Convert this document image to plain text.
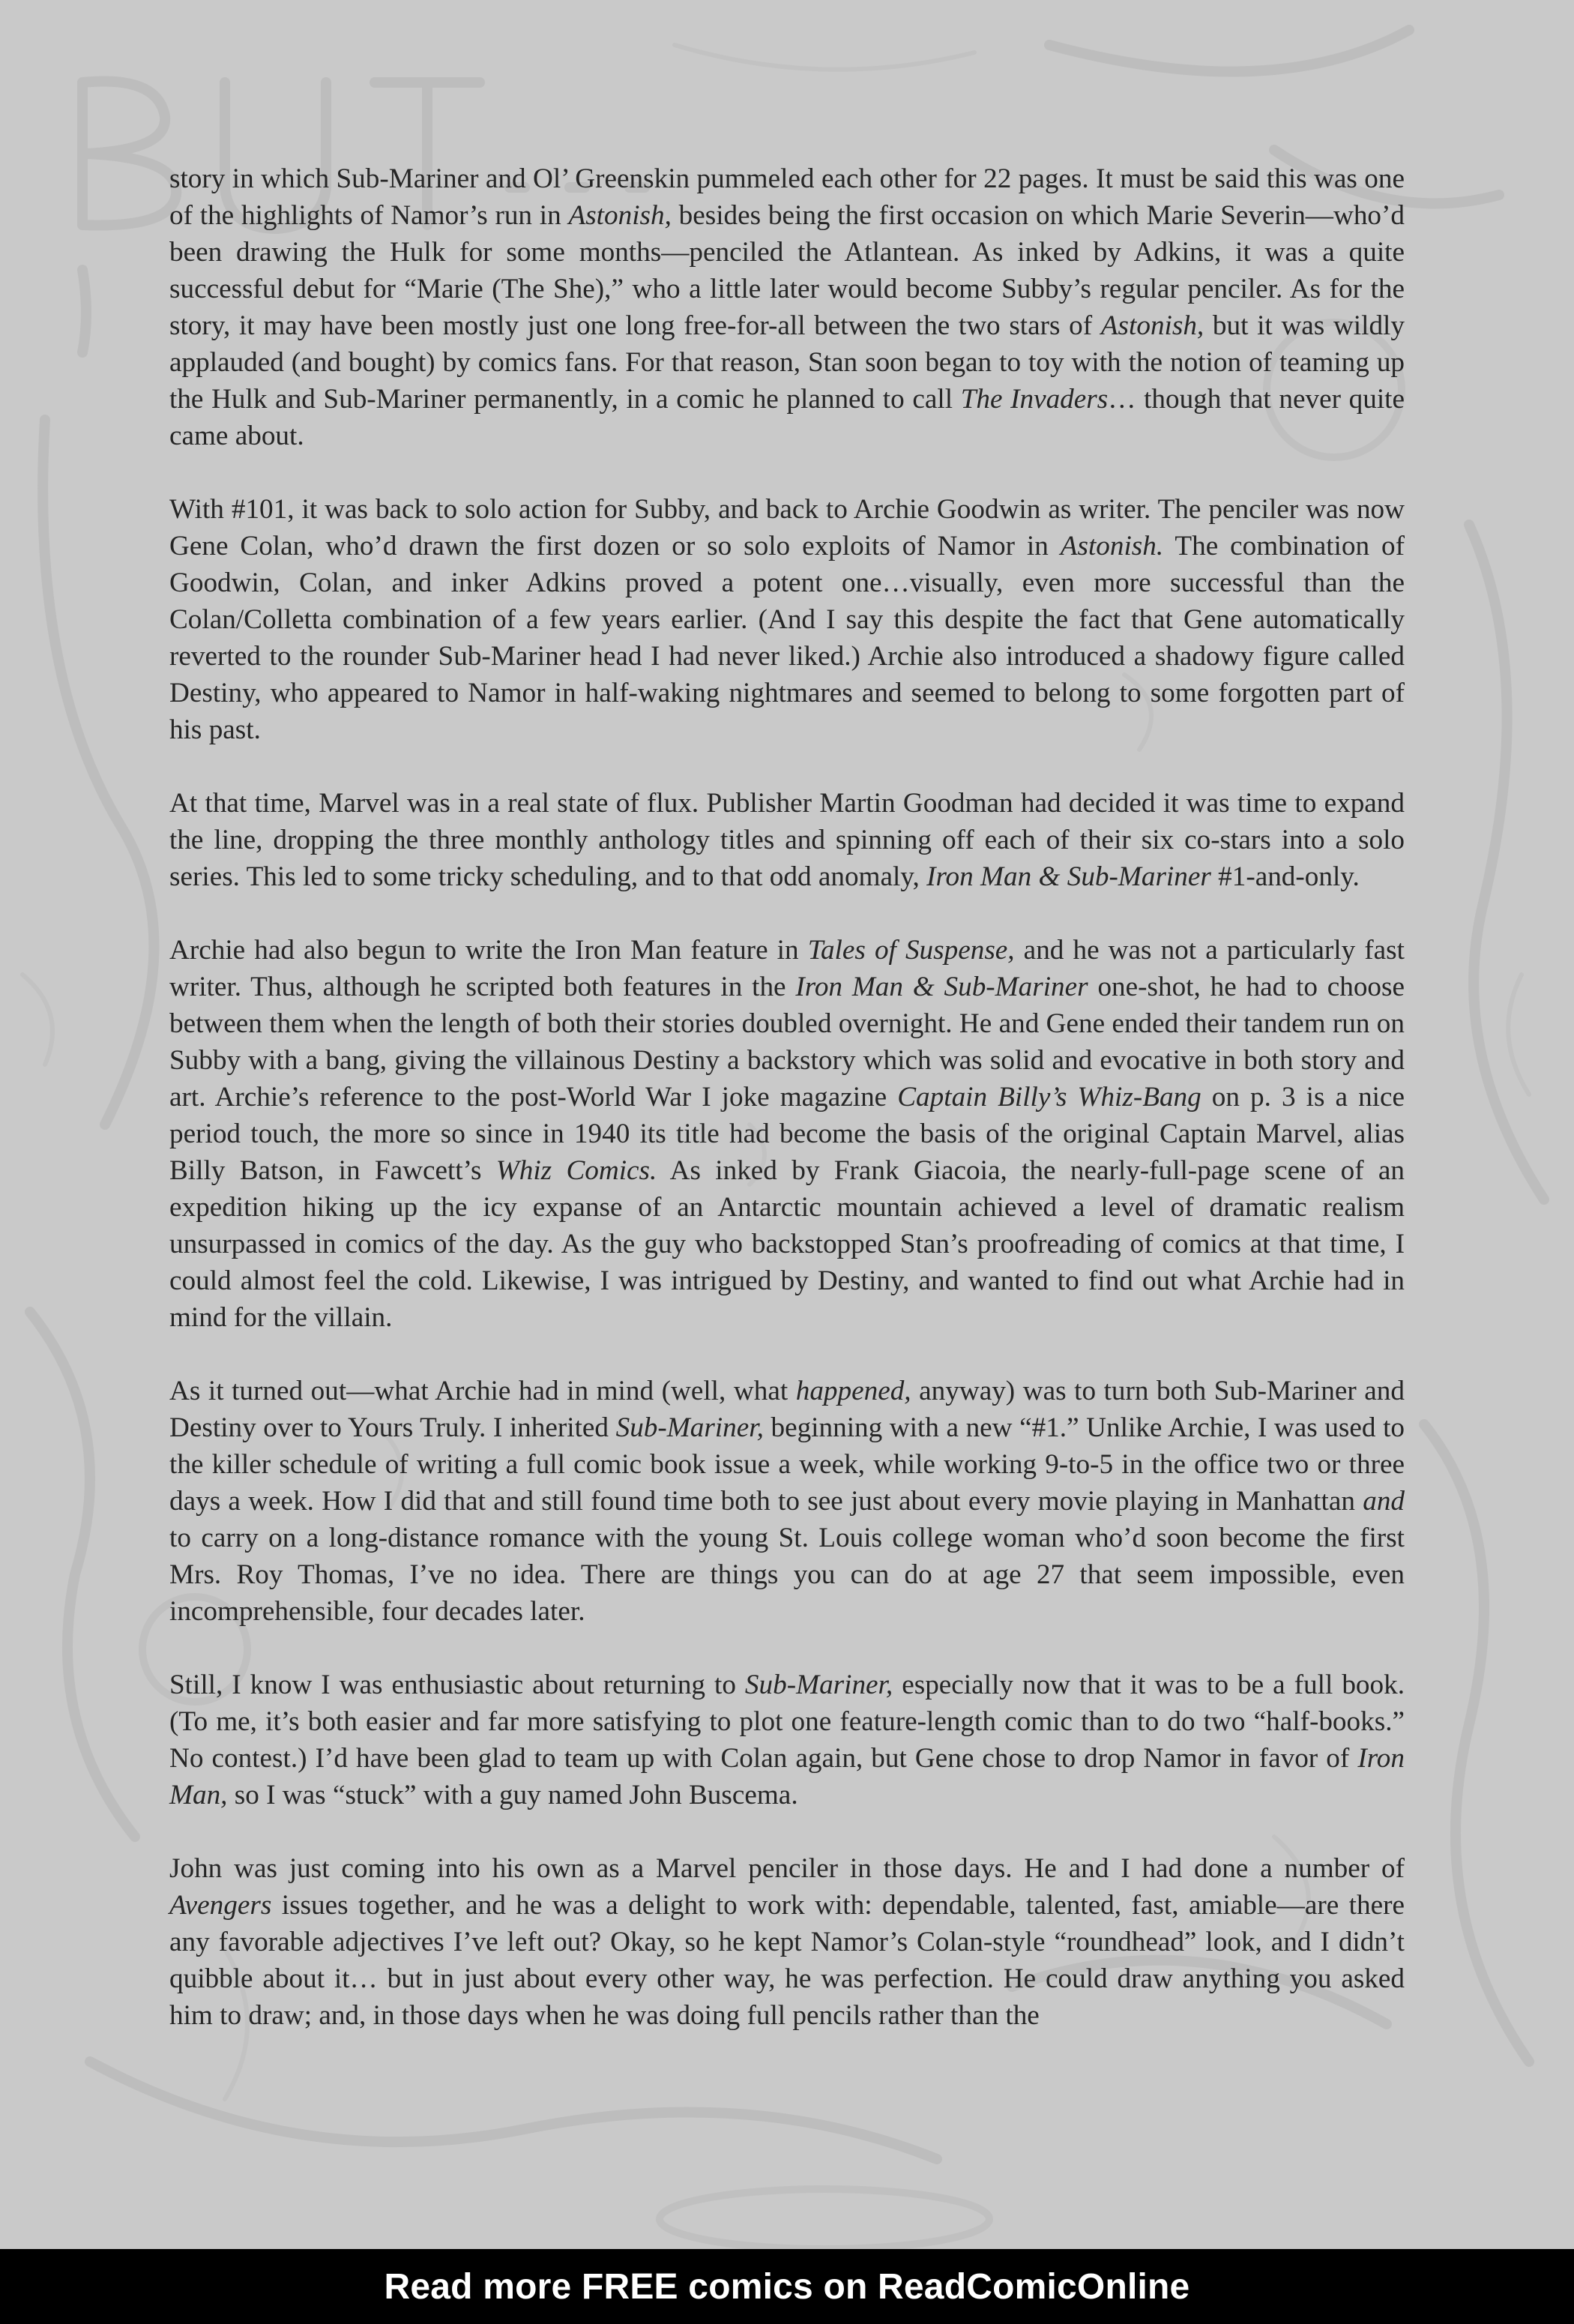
story in which Sub-Mariner and Ol’ Greenskin pummeled each other for 22 pages. It must be said this was one of the highlights of Namor’s run in Astonish, besides being the first occasion on which Marie Severin—who’d been drawing the Hulk for some months—penciled the Atlantean. As inked by Adkins, it was a quite successful debut for “Marie (The She),” who a little later would become Subby’s regular penciler. As for the story, it may have been mostly just one long free-for-all between the two stars of Astonish, but it was wildly applauded (and bought) by comics fans. For that reason, Stan soon began to toy with the notion of teaming up the Hulk and Sub-Mariner permanently, in a comic he planned to call The Invaders… though that never quite came about.

With #101, it was back to solo action for Subby, and back to Archie Goodwin as writer. The penciler was now Gene Colan, who’d drawn the first dozen or so solo exploits of Namor in Astonish. The combination of Goodwin, Colan, and inker Adkins proved a potent one…visually, even more successful than the Colan/Colletta combination of a few years earlier. (And I say this despite the fact that Gene automatically reverted to the rounder Sub-Mariner head I had never liked.) Archie also introduced a shadowy figure called Destiny, who appeared to Namor in half-waking nightmares and seemed to belong to some forgotten part of his past.

At that time, Marvel was in a real state of flux. Publisher Martin Goodman had decided it was time to expand the line, dropping the three monthly anthology titles and spinning off each of their six co-stars into a solo series. This led to some tricky scheduling, and to that odd anomaly, Iron Man & Sub-Mariner #1-and-only.

Archie had also begun to write the Iron Man feature in Tales of Suspense, and he was not a particularly fast writer. Thus, although he scripted both features in the Iron Man & Sub-Mariner one-shot, he had to choose between them when the length of both their stories doubled overnight. He and Gene ended their tandem run on Subby with a bang, giving the villainous Destiny a backstory which was solid and evocative in both story and art. Archie’s reference to the post-World War I joke magazine Captain Billy’s Whiz-Bang on p. 3 is a nice period touch, the more so since in 1940 its title had become the basis of the original Captain Marvel, alias Billy Batson, in Fawcett’s Whiz Comics. As inked by Frank Giacoia, the nearly-full-page scene of an expedition hiking up the icy expanse of an Antarctic mountain achieved a level of dramatic realism unsurpassed in comics of the day. As the guy who backstopped Stan’s proofreading of comics at that time, I could almost feel the cold. Likewise, I was intrigued by Destiny, and wanted to find out what Archie had in mind for the villain.

As it turned out—what Archie had in mind (well, what happened, anyway) was to turn both Sub-Mariner and Destiny over to Yours Truly. I inherited Sub-Mariner, beginning with a new “#1.” Unlike Archie, I was used to the killer schedule of writing a full comic book issue a week, while working 9-to-5 in the office two or three days a week. How I did that and still found time both to see just about every movie playing in Manhattan and to carry on a long-distance romance with the young St. Louis college woman who’d soon become the first Mrs. Roy Thomas, I’ve no idea. There are things you can do at age 27 that seem impossible, even incomprehensible, four decades later.

Still, I know I was enthusiastic about returning to Sub-Mariner, especially now that it was to be a full book. (To me, it’s both easier and far more satisfying to plot one feature-length comic than to do two “half-books.” No contest.) I’d have been glad to team up with Colan again, but Gene chose to drop Namor in favor of Iron Man, so I was “stuck” with a guy named John Buscema.

John was just coming into his own as a Marvel penciler in those days. He and I had done a number of Avengers issues together, and he was a delight to work with: dependable, talented, fast, amiable—are there any favorable adjectives I’ve left out? Okay, so he kept Namor’s Colan-style “roundhead” look, and I didn’t quibble about it… but in just about every other way, he was perfection. He could draw anything you asked him to draw; and, in those days when he was doing full pencils rather than the

Read more FREE comics on ReadComicOnline
